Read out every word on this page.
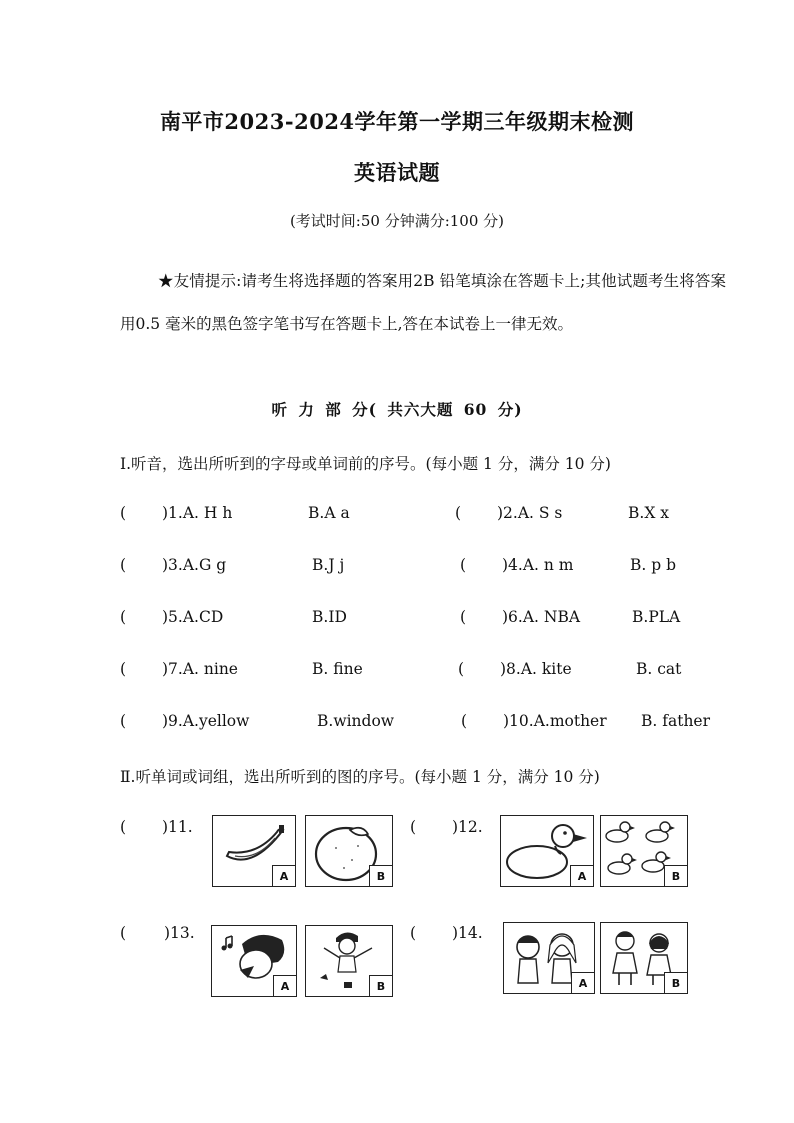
南平市2023-2024学年第一学期三年级期末检测
英语试题
(考试时间:50 分钟满分:100 分)
★友情提示:请考生将选择题的答案用2B 铅笔填涂在答题卡上;其他试题考生将答案用0.5 毫米的黑色签字笔书写在答题卡上,答在本试卷上一律无效。
听 力 部 分( 共六大题 60 分)
Ⅰ.听音，选出所听到的字母或单词前的序号。(每小题 1 分，满分 10 分)
( )1.A. H h	B.A a	( )2.A. S s	B.X x
( )3.A.G g	B.J j	( )4.A. n m	B. p b
( )5.A.CD	B.ID	( )6.A. NBA	B.PLA
( )7.A. nine	B. fine	( )8.A. kite	B. cat
( )9.A.yellow	B.window	( )10.A.mother B. father
Ⅱ.听单词或词组，选出所听到的图的序号。(每小题 1 分，满分 10 分)
( )11.	( )12.
A	B	A	B
( )13.	( )14.
A	B	A	B
